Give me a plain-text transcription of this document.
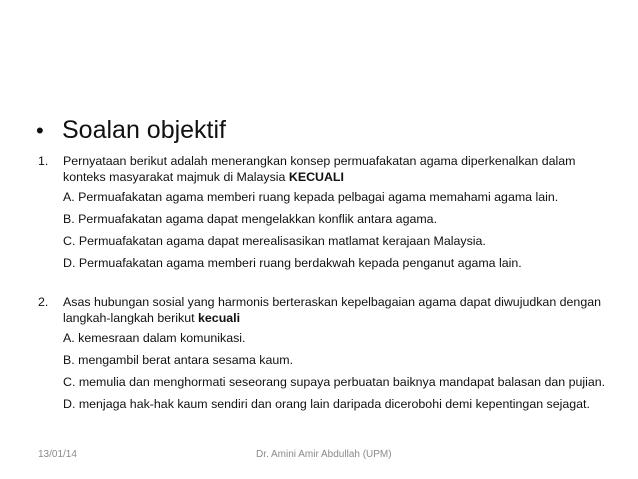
• Soalan objektif
1.	Pernyataan berikut adalah menerangkan konsep permuafakatan agama diperkenalkan dalam konteks masyarakat majmuk di Malaysia KECUALI
A. Permuafakatan agama memberi ruang kepada pelbagai agama memahami agama lain.
B. Permuafakatan agama dapat mengelakkan konflik antara agama.
C. Permuafakatan agama dapat merealisasikan matlamat kerajaan Malaysia.
D. Permuafakatan agama memberi ruang berdakwah kepada penganut agama lain.
2.	Asas hubungan sosial yang harmonis berteraskan kepelbagaian agama dapat diwujudkan dengan langkah-langkah berikut kecuali
A. kemesraan dalam komunikasi.
B. mengambil berat antara sesama kaum.
C. memulia dan menghormati seseorang supaya perbuatan baiknya mandapat balasan dan pujian.
D. menjaga hak-hak kaum sendiri dan orang lain daripada dicerobohi demi kepentingan sejagat.
13/01/14	Dr. Amini Amir Abdullah (UPM)
